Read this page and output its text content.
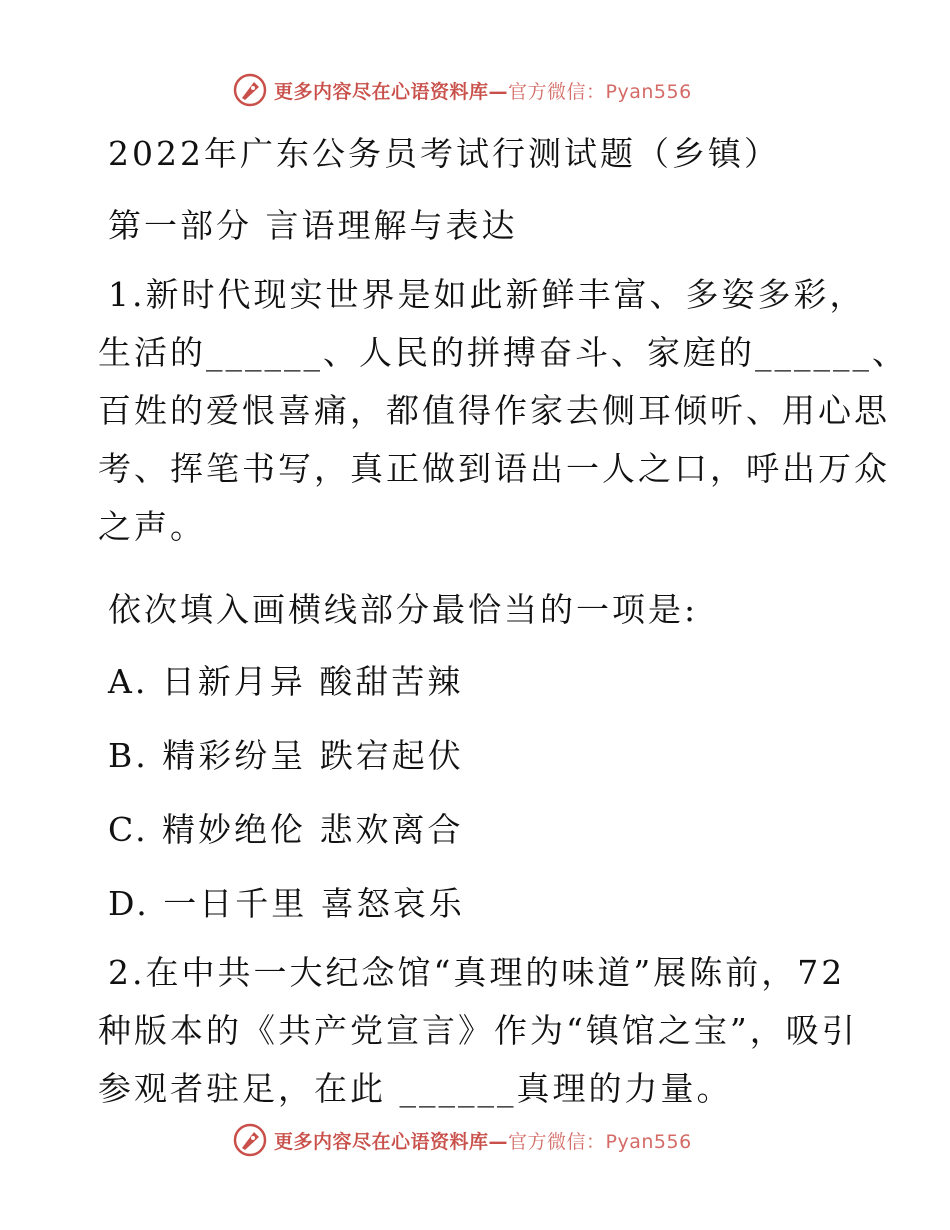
更多内容尽在心语资料库—官方微信：Pyan556
2022年广东公务员考试行测试题（乡镇）
第一部分 言语理解与表达
1.新时代现实世界是如此新鲜丰富、多姿多彩，
生活的______、人民的拼搏奋斗、家庭的______、
百姓的爱恨喜痛，都值得作家去侧耳倾听、用心思
考、挥笔书写，真正做到语出一人之口，呼出万众
之声。
依次填入画横线部分最恰当的一项是:
A. 日新月异 酸甜苦辣
B. 精彩纷呈 跌宕起伏
C. 精妙绝伦 悲欢离合
D. 一日千里 喜怒哀乐
2.在中共一大纪念馆“真理的味道”展陈前，72
种版本的《共产党宣言》作为“镇馆之宝”，吸引
参观者驻足，在此 ______真理的力量。
更多内容尽在心语资料库—官方微信：Pyan556
